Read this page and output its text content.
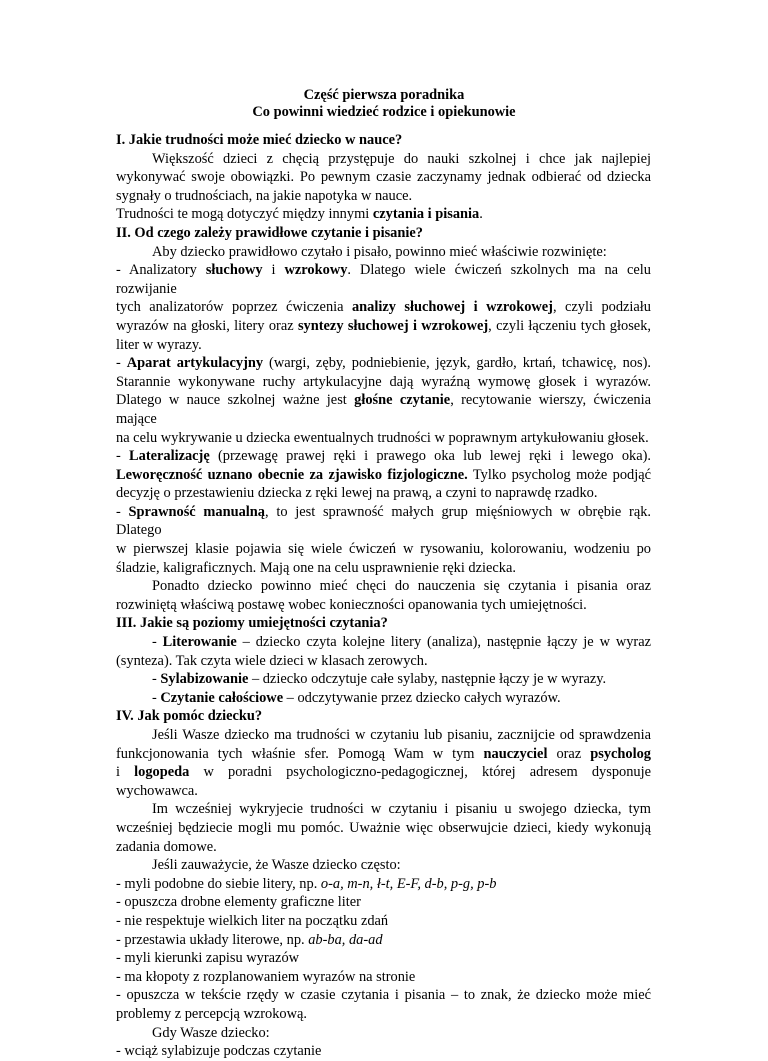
Część pierwsza poradnika
Co powinni wiedzieć rodzice i opiekunowie
I. Jakie trudności może mieć dziecko w nauce?

Większość dzieci z chęcią przystępuje do nauki szkolnej i chce jak najlepiej

wykonywać swoje obowiązki. Po pewnym czasie zaczynamy jednak odbierać od dziecka

sygnały o trudnościach, na jakie napotyka w nauce.

Trudności te mogą dotyczyć między innymi czytania i pisania.

II. Od czego zależy prawidłowe czytanie i pisanie?

Aby dziecko prawidłowo czytało i pisało, powinno mieć właściwie rozwinięte:

- Analizatory słuchowy i wzrokowy. Dlatego wiele ćwiczeń szkolnych ma na celu rozwijanie

tych analizatorów poprzez ćwiczenia analizy słuchowej i wzrokowej, czyli podziału

wyrazów na głoski, litery oraz syntezy słuchowej i wzrokowej, czyli łączeniu tych głosek,

liter w wyrazy.

- Aparat artykulacyjny (wargi, zęby, podniebienie, język, gardło, krtań, tchawicę, nos).

Starannie wykonywane ruchy artykulacyjne dają wyraźną wymowę głosek i wyrazów.

Dlatego w nauce szkolnej ważne jest głośne czytanie, recytowanie wierszy, ćwiczenia mające

na celu wykrywanie u dziecka ewentualnych trudności w poprawnym artykułowaniu głosek.

- Lateralizację (przewagę prawej ręki i prawego oka lub lewej ręki i lewego oka).

Leworęczność uznano obecnie za zjawisko fizjologiczne. Tylko psycholog może podjąć

decyzję o przestawieniu dziecka z ręki lewej na prawą, a czyni to naprawdę rzadko.

- Sprawność manualną, to jest sprawność małych grup mięśniowych w obrębie rąk. Dlatego

w pierwszej klasie pojawia się wiele ćwiczeń w rysowaniu, kolorowaniu, wodzeniu po

śladzie, kaligraficznych. Mają one na celu usprawnienie ręki dziecka.

Ponadto dziecko powinno mieć chęci do nauczenia się czytania i pisania oraz

rozwiniętą właściwą postawę wobec konieczności opanowania tych umiejętności.

III. Jakie są poziomy umiejętności czytania?

- Literowanie – dziecko czyta kolejne litery (analiza), następnie łączy je w wyraz

(synteza). Tak czyta wiele dzieci w klasach zerowych.

- Sylabizowanie – dziecko odczytuje całe sylaby, następnie łączy je w wyrazy.

- Czytanie całościowe – odczytywanie przez dziecko całych wyrazów.

IV. Jak pomóc dziecku?

Jeśli Wasze dziecko ma trudności w czytaniu lub pisaniu, zacznijcie od sprawdzenia

funkcjonowania tych właśnie sfer. Pomogą Wam w tym nauczyciel oraz psycholog

i logopeda w poradni psychologiczno-pedagogicznej, której adresem dysponuje

wychowawca.

Im wcześniej wykryjecie trudności w czytaniu i pisaniu u swojego dziecka, tym

wcześniej będziecie mogli mu pomóc. Uważnie więc obserwujcie dzieci, kiedy wykonują

zadania domowe.

Jeśli zauważycie, że Wasze dziecko często:

- myli podobne do siebie litery, np. o-a, m-n, ł-t, E-F, d-b, p-g, p-b

- opuszcza drobne elementy graficzne liter

- nie respektuje wielkich liter na początku zdań

- przestawia układy literowe, np. ab-ba, da-ad

- myli kierunki zapisu wyrazów

- ma kłopoty z rozplanowaniem wyrazów na stronie

- opuszcza w tekście rzędy w czasie czytania i pisania – to znak, że dziecko może mieć

problemy z percepcją wzrokową.

Gdy Wasze dziecko:

- wciąż sylabizuje podczas czytanie
